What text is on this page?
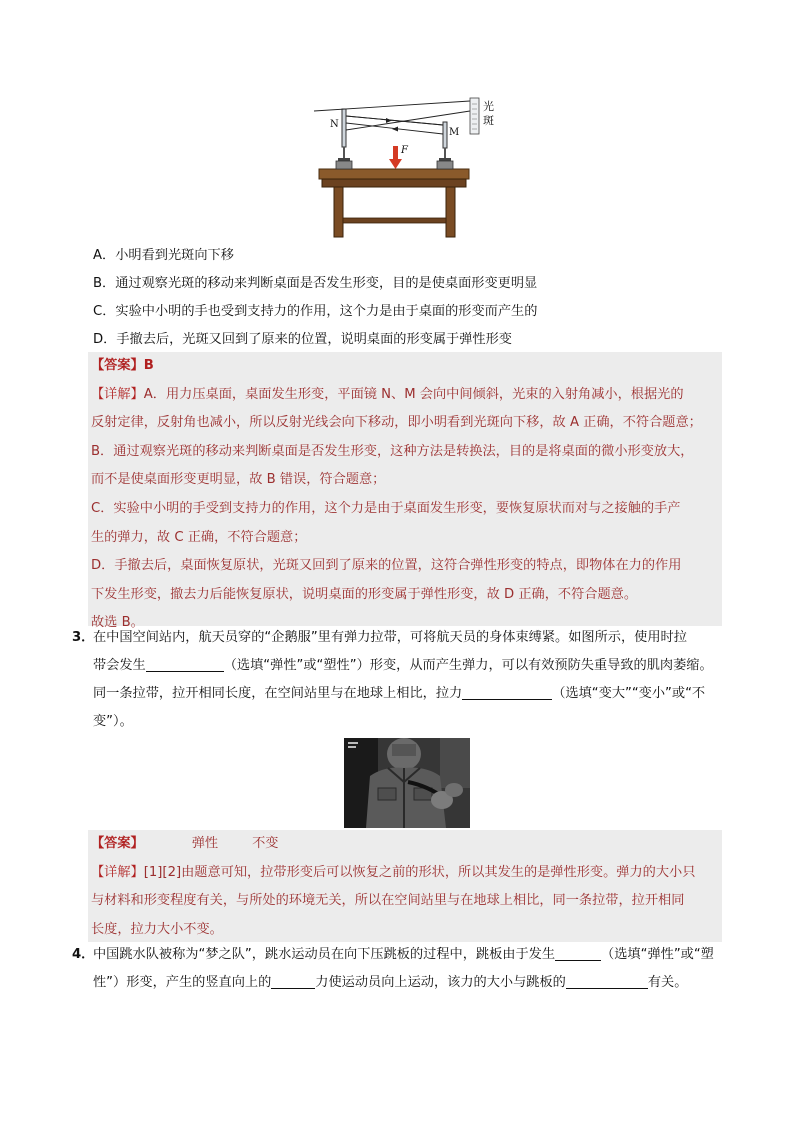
N
M
F
光斑
A．小明看到光斑向下移
B．通过观察光斑的移动来判断桌面是否发生形变，目的是使桌面形变更明显
C．实验中小明的手也受到支持力的作用，这个力是由于桌面的形变而产生的
D．手撤去后，光斑又回到了原来的位置，说明桌面的形变属于弹性形变
【答案】B
【详解】A．用力压桌面，桌面发生形变，平面镜 N、M 会向中间倾斜，光束的入射角减小，根据光的
反射定律，反射角也减小，所以反射光线会向下移动，即小明看到光斑向下移，故 A 正确，不符合题意；
B．通过观察光斑的移动来判断桌面是否发生形变，这种方法是转换法，目的是将桌面的微小形变放大，
而不是使桌面形变更明显，故 B 错误，符合题意；
C．实验中小明的手受到支持力的作用，这个力是由于桌面发生形变，要恢复原状而对与之接触的手产
生的弹力，故 C 正确，不符合题意；
D．手撤去后，桌面恢复原状，光斑又回到了原来的位置，这符合弹性形变的特点，即物体在力的作用
下发生形变，撤去力后能恢复原状，说明桌面的形变属于弹性形变，故 D 正确，不符合题意。
故选 B。
3．
在中国空间站内，航天员穿的“企鹅服”里有弹力拉带，可将航天员的身体束缚紧。如图所示，使用时拉
带会发生	（选填“弹性”或“塑性”）形变，从而产生弹力，可以有效预防失重导致的肌肉萎缩。
同一条拉带，拉开相同长度，在空间站里与在地球上相比，拉力	（选填“变大”“变小”或“不
变”）。
【答案】	弹性	不变
【详解】[1][2]由题意可知，拉带形变后可以恢复之前的形状，所以其发生的是弹性形变。弹力的大小只
与材料和形变程度有关，与所处的环境无关，所以在空间站里与在地球上相比，同一条拉带，拉开相同
长度，拉力大小不变。
4．
中国跳水队被称为“梦之队”，跳水运动员在向下压跳板的过程中，跳板由于发生	（选填“弹性”或“塑
性”）形变，产生的竖直向上的	力使运动员向上运动，该力的大小与跳板的	有关。
